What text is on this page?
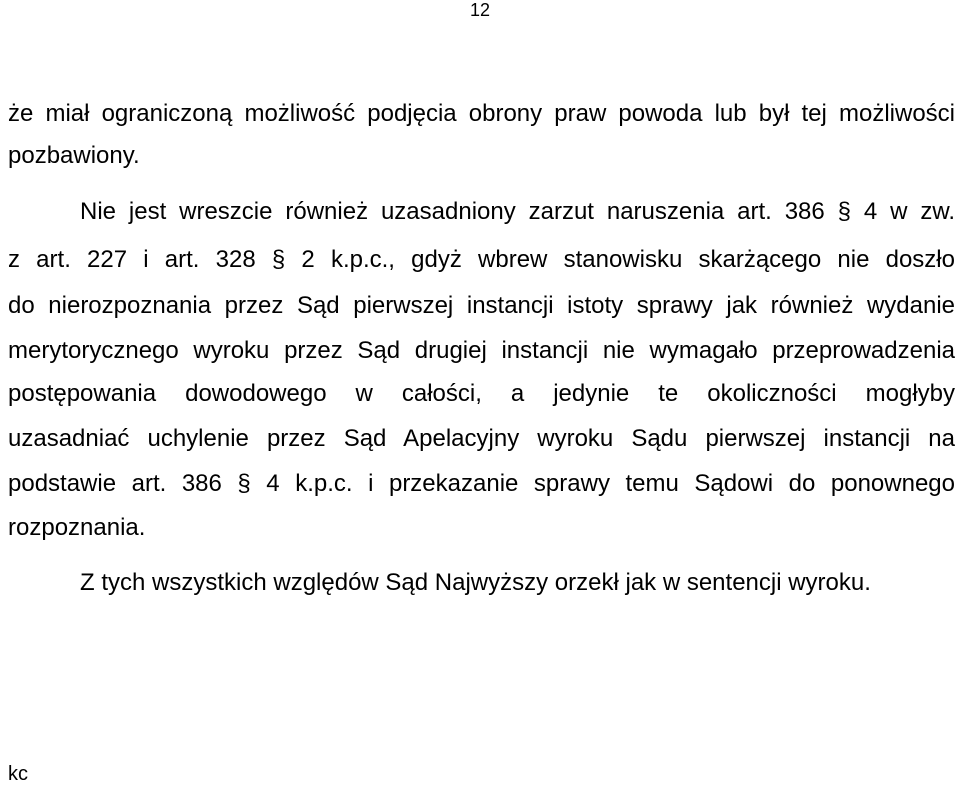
12
że miał ograniczoną możliwość podjęcia obrony praw powoda lub był tej możliwości
pozbawiony.
Nie jest wreszcie również uzasadniony zarzut naruszenia art. 386 § 4 w zw.
z art. 227 i art. 328 § 2 k.p.c., gdyż wbrew stanowisku skarżącego nie doszło
do nierozpoznania przez Sąd pierwszej instancji istoty sprawy jak również wydanie
merytorycznego wyroku przez Sąd drugiej instancji nie wymagało przeprowadzenia
postępowania dowodowego w całości, a jedynie te okoliczności mogłyby
uzasadniać uchylenie przez Sąd Apelacyjny wyroku Sądu pierwszej instancji na
podstawie art. 386 § 4 k.p.c. i przekazanie sprawy temu Sądowi do ponownego
rozpoznania.
Z tych wszystkich względów Sąd Najwyższy orzekł jak w sentencji wyroku.
kc
